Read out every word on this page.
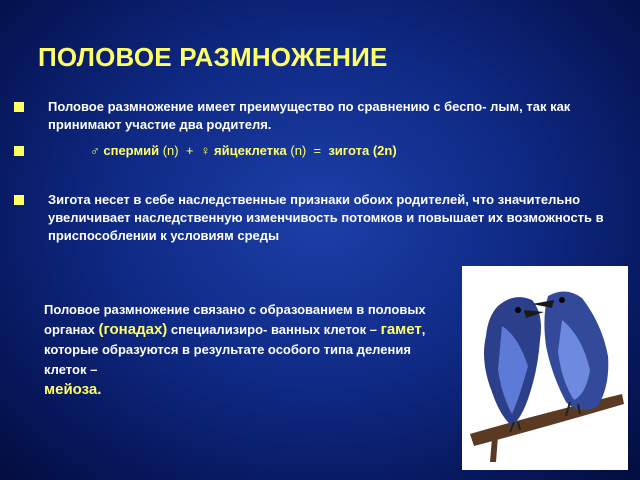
ПОЛОВОЕ РАЗМНОЖЕНИЕ
Половое размножение имеет преимущество по сравнению с беспо- лым, так как принимают участие два родителя.
♂ спермий (n) + ♀ яйцеклетка (n) = зигота (2n)
Зигота несет в себе наследственные признаки обоих родителей, что значительно увеличивает наследственную изменчивость потомков и повышает их возможность в приспособлении к условиям среды
Половое размножение связано с образованием в половых органах (гонадах) специализиро- ванных клеток – гамет, которые образуются в результате особого типа деления клеток –
мейоза.
